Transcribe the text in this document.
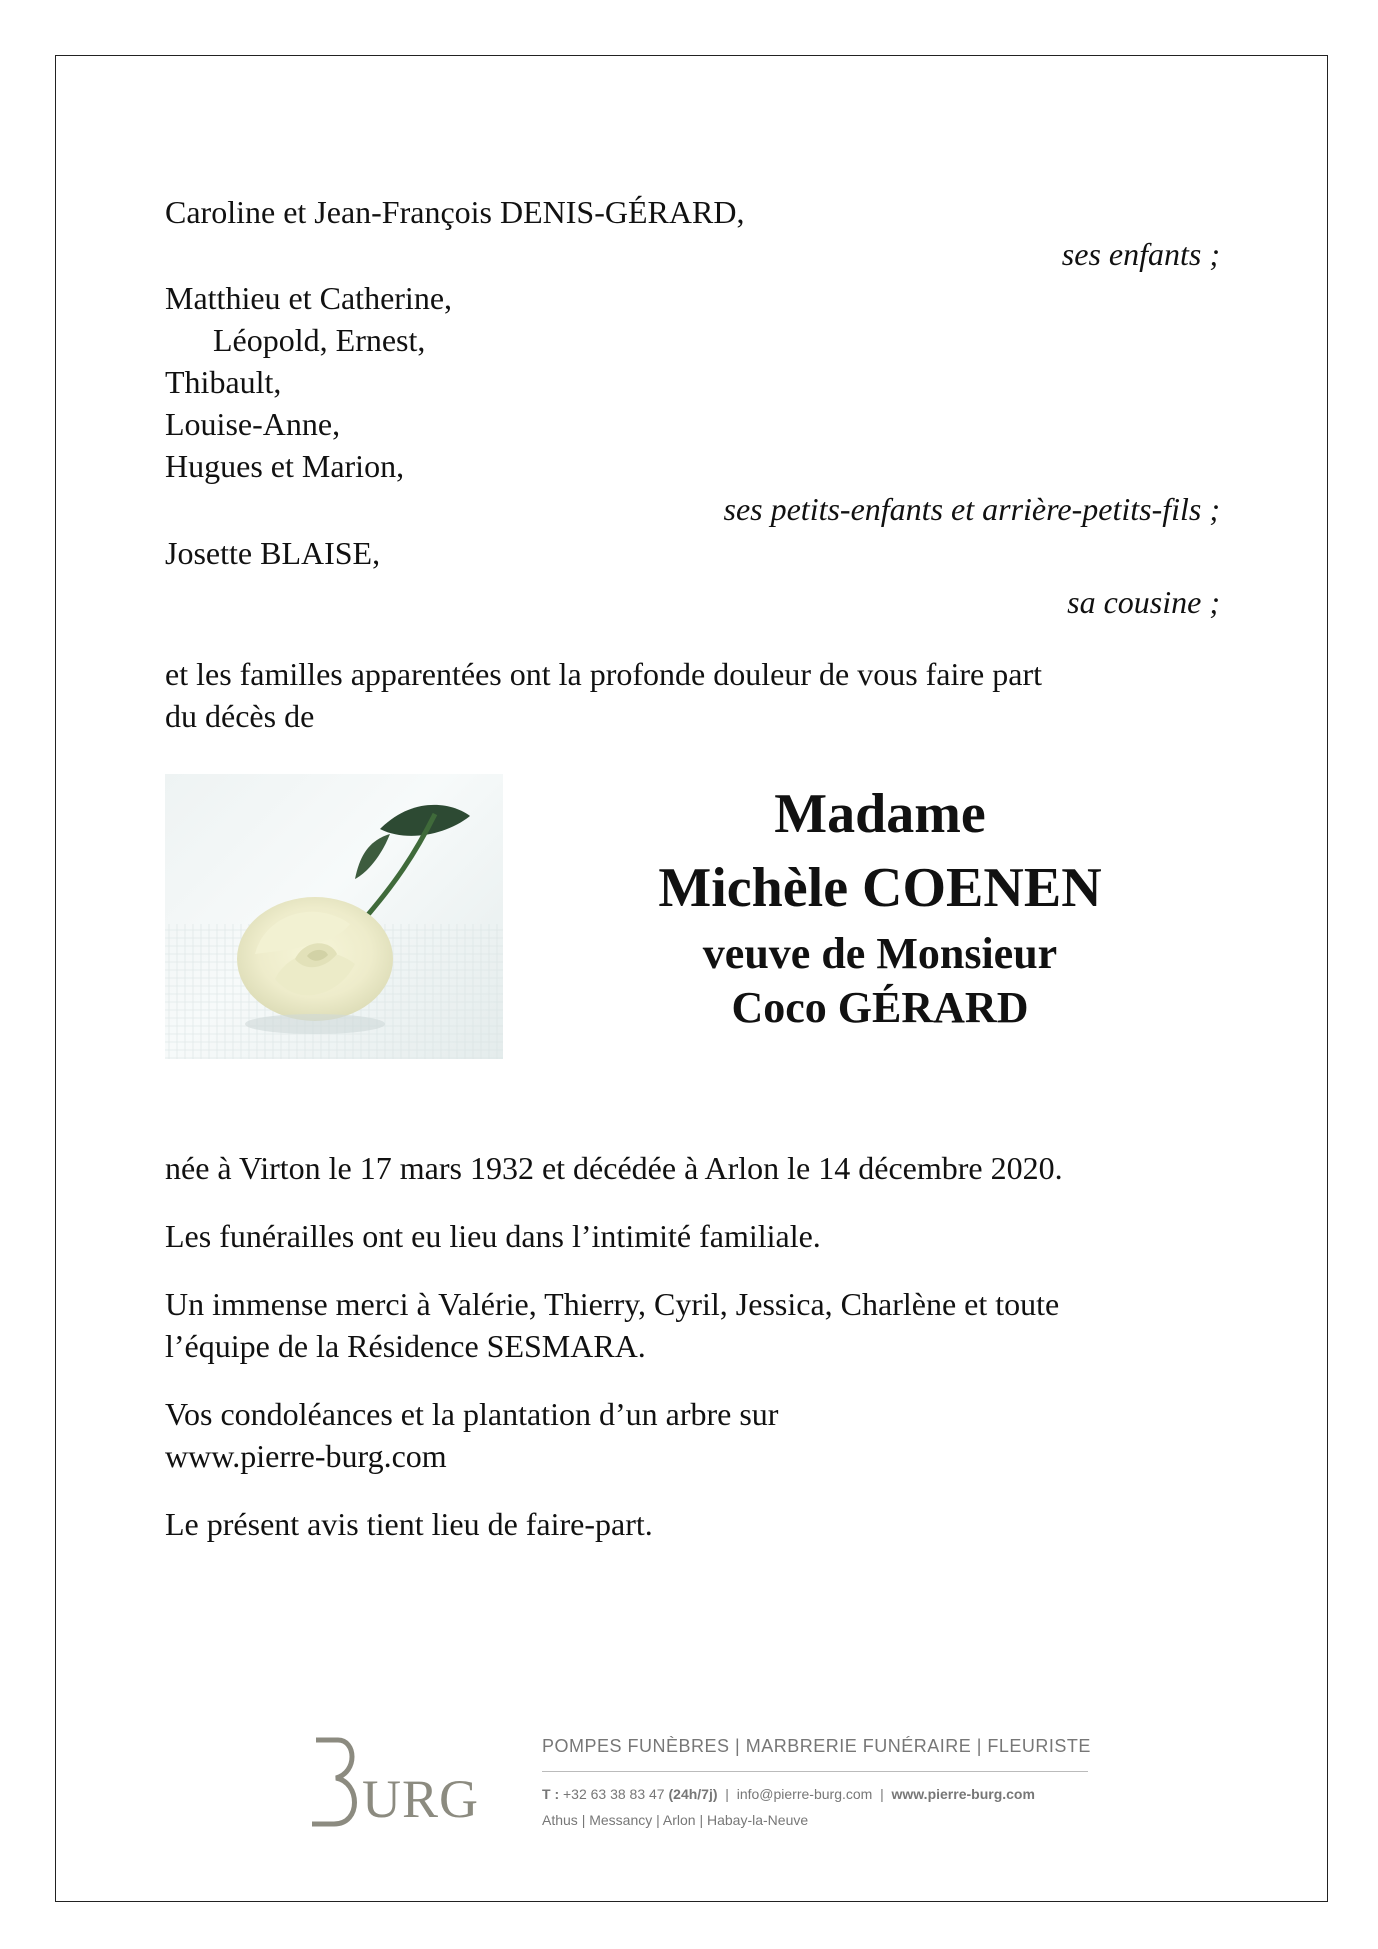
Caroline et Jean-François DENIS-GÉRARD,
ses enfants ;
Matthieu et Catherine,
Léopold, Ernest,
Thibault,
Louise-Anne,
Hugues et Marion,
ses petits-enfants et arrière-petits-fils ;
Josette BLAISE,
sa cousine ;
et les familles apparentées ont la profonde douleur de vous faire part
du décès de
Madame
Michèle COENEN
veuve de Monsieur
Coco GÉRARD
née à Virton le 17 mars 1932 et décédée à Arlon le 14 décembre 2020.
Les funérailles ont eu lieu dans l’intimité familiale.
Un immense merci à Valérie, Thierry, Cyril, Jessica, Charlène et toute
l’équipe de la Résidence SESMARA.
Vos condoléances et la plantation d’un arbre sur
www.pierre-burg.com
Le présent avis tient lieu de faire-part.
URG
POMPES FUNÈBRES | MARBRERIE FUNÉRAIRE | FLEURISTE
T : +32 63 38 83 47 (24h/7j)  |  info@pierre-burg.com  |  www.pierre-burg.com
Athus | Messancy | Arlon | Habay-la-Neuve
